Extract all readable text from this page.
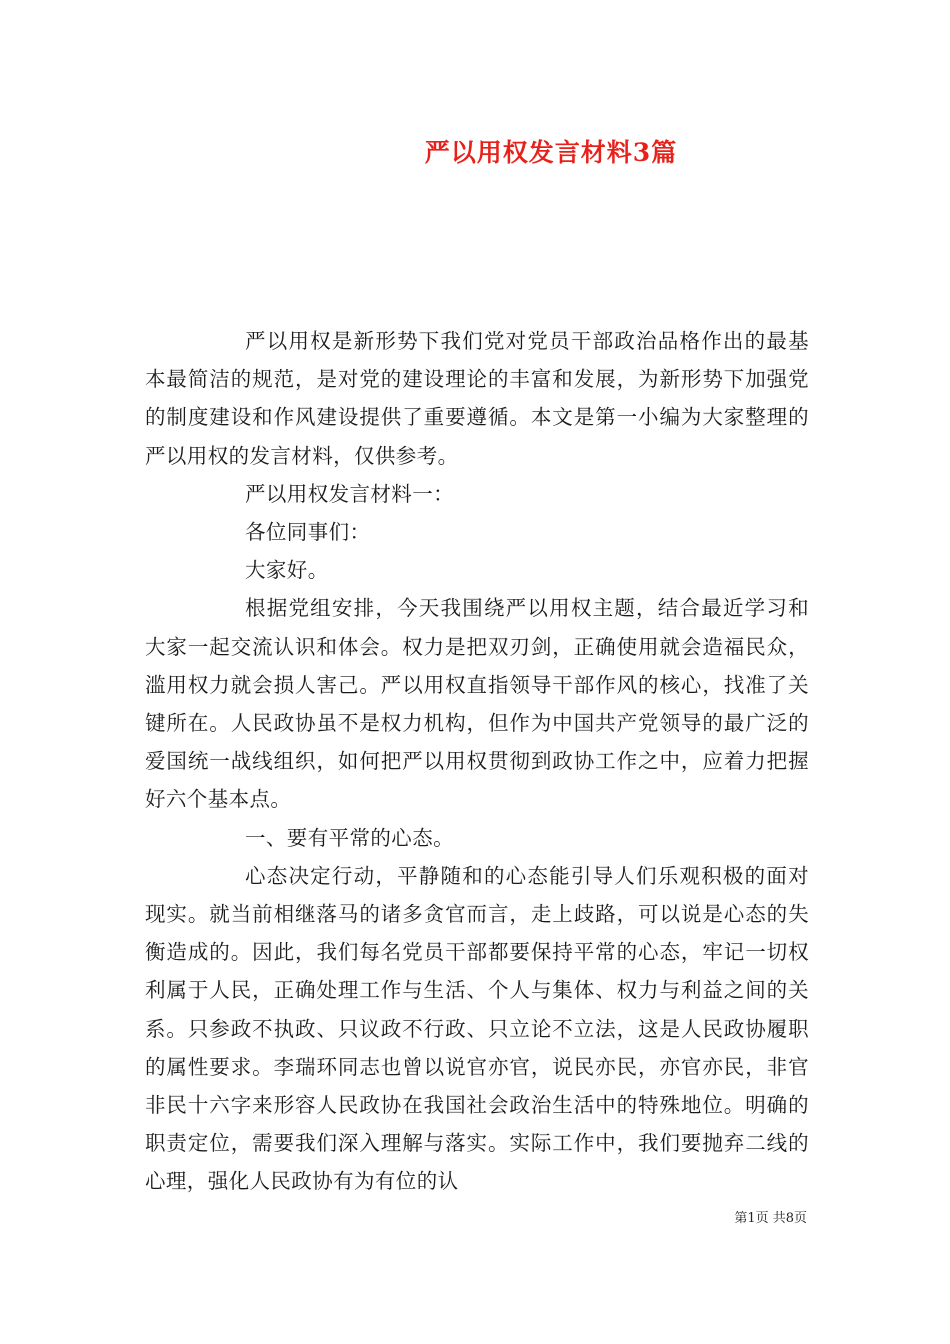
严以用权发言材料3篇

严以用权是新形势下我们党对党员干部政治品格作出的最基本最简洁的规范，是对党的建设理论的丰富和发展，为新形势下加强党的制度建设和作风建设提供了重要遵循。本文是第一小编为大家整理的严以用权的发言材料，仅供参考。

严以用权发言材料一：

各位同事们：

大家好。

根据党组安排，今天我围绕严以用权主题，结合最近学习和大家一起交流认识和体会。权力是把双刃剑，正确使用就会造福民众，滥用权力就会损人害己。严以用权直指领导干部作风的核心，找准了关键所在。人民政协虽不是权力机构，但作为中国共产党领导的最广泛的爱国统一战线组织，如何把严以用权贯彻到政协工作之中，应着力把握好六个基本点。

一、要有平常的心态。

心态决定行动，平静随和的心态能引导人们乐观积极的面对现实。就当前相继落马的诸多贪官而言，走上歧路，可以说是心态的失衡造成的。因此，我们每名党员干部都要保持平常的心态，牢记一切权利属于人民，正确处理工作与生活、个人与集体、权力与利益之间的关系。只参政不执政、只议政不行政、只立论不立法，这是人民政协履职的属性要求。李瑞环同志也曾以说官亦官，说民亦民，亦官亦民，非官非民十六字来形容人民政协在我国社会政治生活中的特殊地位。明确的职责定位，需要我们深入理解与落实。实际工作中，我们要抛弃二线的心理，强化人民政协有为有位的认

第1页 共8页
